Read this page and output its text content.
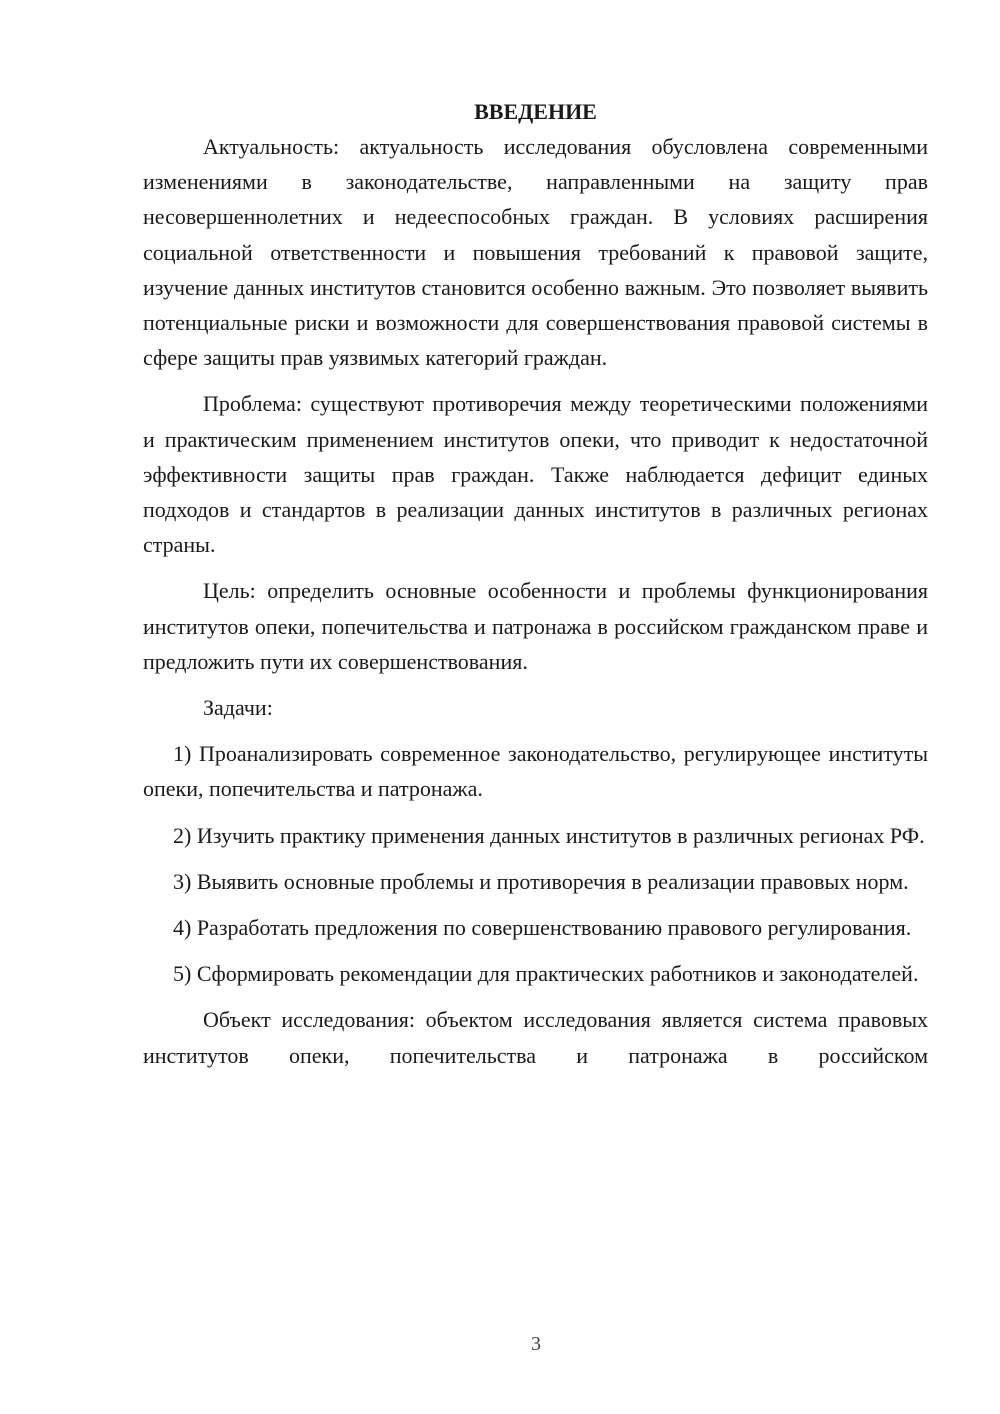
ВВЕДЕНИЕ

Актуальность: актуальность исследования обусловлена современными изменениями в законодательстве, направленными на защиту прав несовершеннолетних и недееспособных граждан. В условиях расширения социальной ответственности и повышения требований к правовой защите, изучение данных институтов становится особенно важным. Это позволяет выявить потенциальные риски и возможности для совершенствования правовой системы в сфере защиты прав уязвимых категорий граждан.

Проблема: существуют противоречия между теоретическими положениями и практическим применением институтов опеки, что приводит к недостаточной эффективности защиты прав граждан. Также наблюдается дефицит единых подходов и стандартов в реализации данных институтов в различных регионах страны.

Цель: определить основные особенности и проблемы функционирования институтов опеки, попечительства и патронажа в российском гражданском праве и предложить пути их совершенствования.

Задачи:

1) Проанализировать современное законодательство, регулирующее институты опеки, попечительства и патронажа.

2) Изучить практику применения данных институтов в различных регионах РФ.

3) Выявить основные проблемы и противоречия в реализации правовых норм.

4) Разработать предложения по совершенствованию правового регулирования.

5) Сформировать рекомендации для практических работников и законодателей.

Объект исследования: объектом исследования является система правовых институтов опеки, попечительства и патронажа в российском

3
